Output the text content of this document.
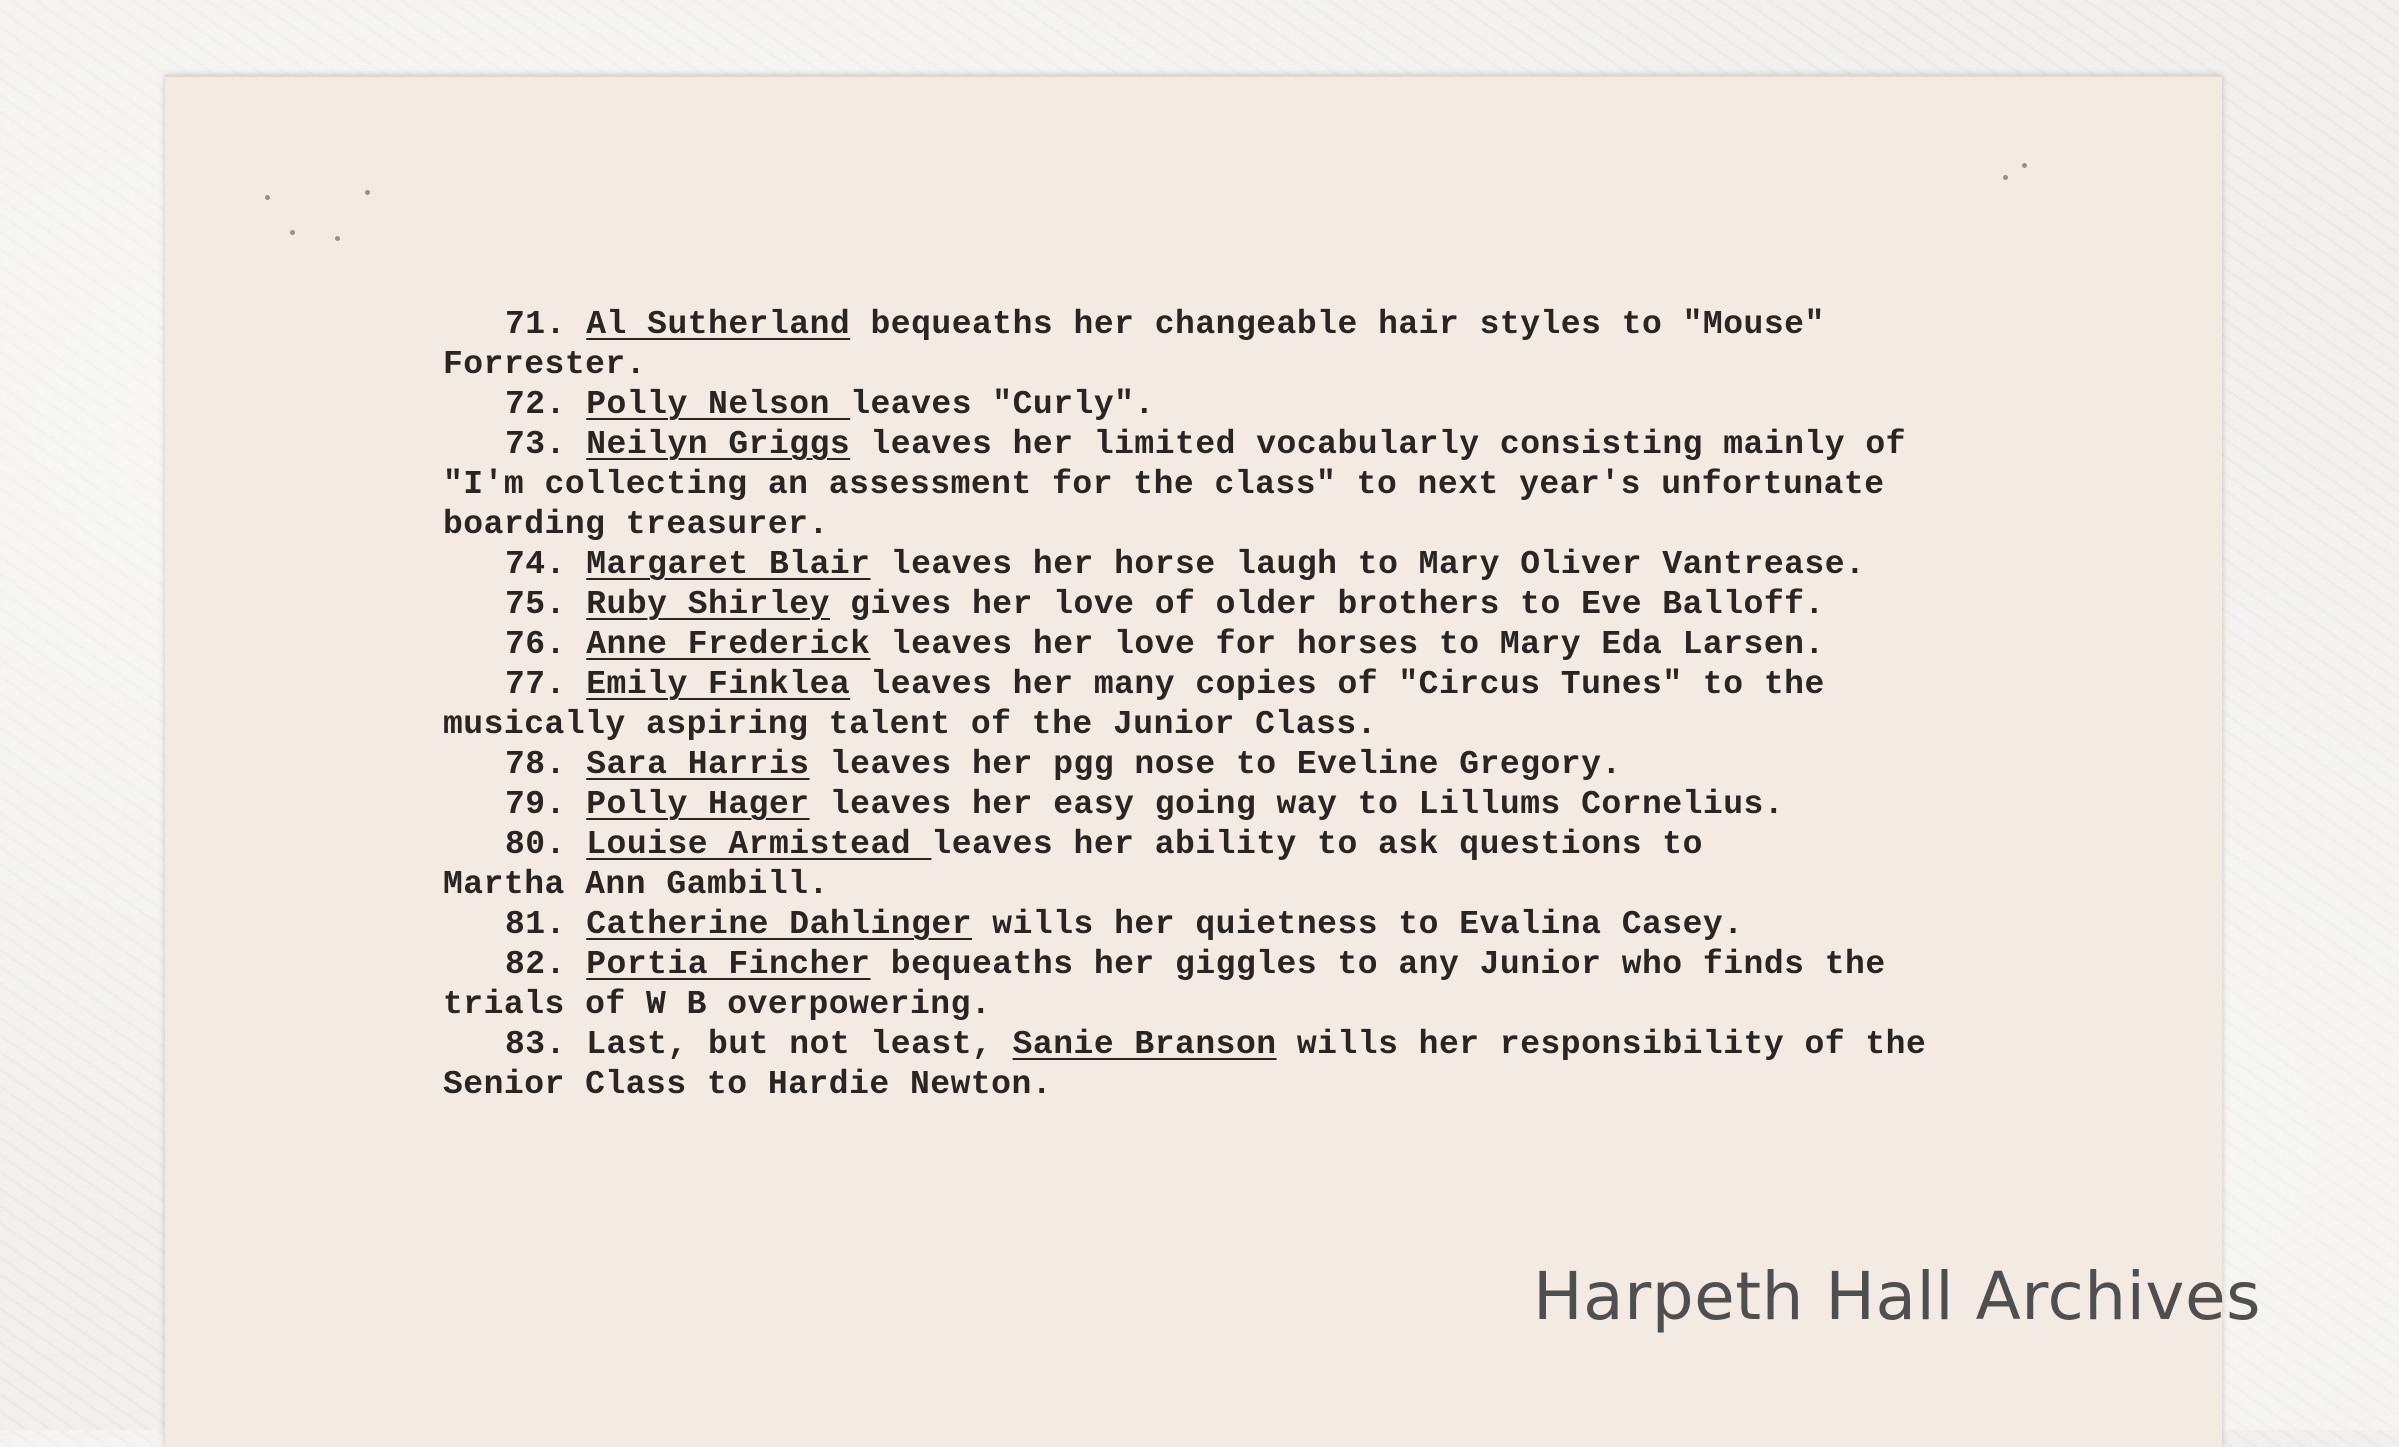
71. Al Sutherland bequeaths her changeable hair styles to "Mouse"
Forrester.
72. Polly Nelson leaves "Curly".
73. Neilyn Griggs leaves her limited vocabularly consisting mainly of
"I'm collecting an assessment for the class" to next year's unfortunate
boarding treasurer.
74. Margaret Blair leaves her horse laugh to Mary Oliver Vantrease.
75. Ruby Shirley gives her love of older brothers to Eve Balloff.
76. Anne Frederick leaves her love for horses to Mary Eda Larsen.
77. Emily Finklea leaves her many copies of "Circus Tunes" to the
musically aspiring talent of the Junior Class.
78. Sara Harris leaves her pgg nose to Eveline Gregory.
79. Polly Hager leaves her easy going way to Lillums Cornelius.
80. Louise Armistead leaves her ability to ask questions to
Martha Ann Gambill.
81. Catherine Dahlinger wills her quietness to Evalina Casey.
82. Portia Fincher bequeaths her giggles to any Junior who finds the
trials of W B overpowering.
83. Last, but not least, Sanie Branson wills her responsibility of the
Senior Class to Hardie Newton.
Harpeth Hall Archives
